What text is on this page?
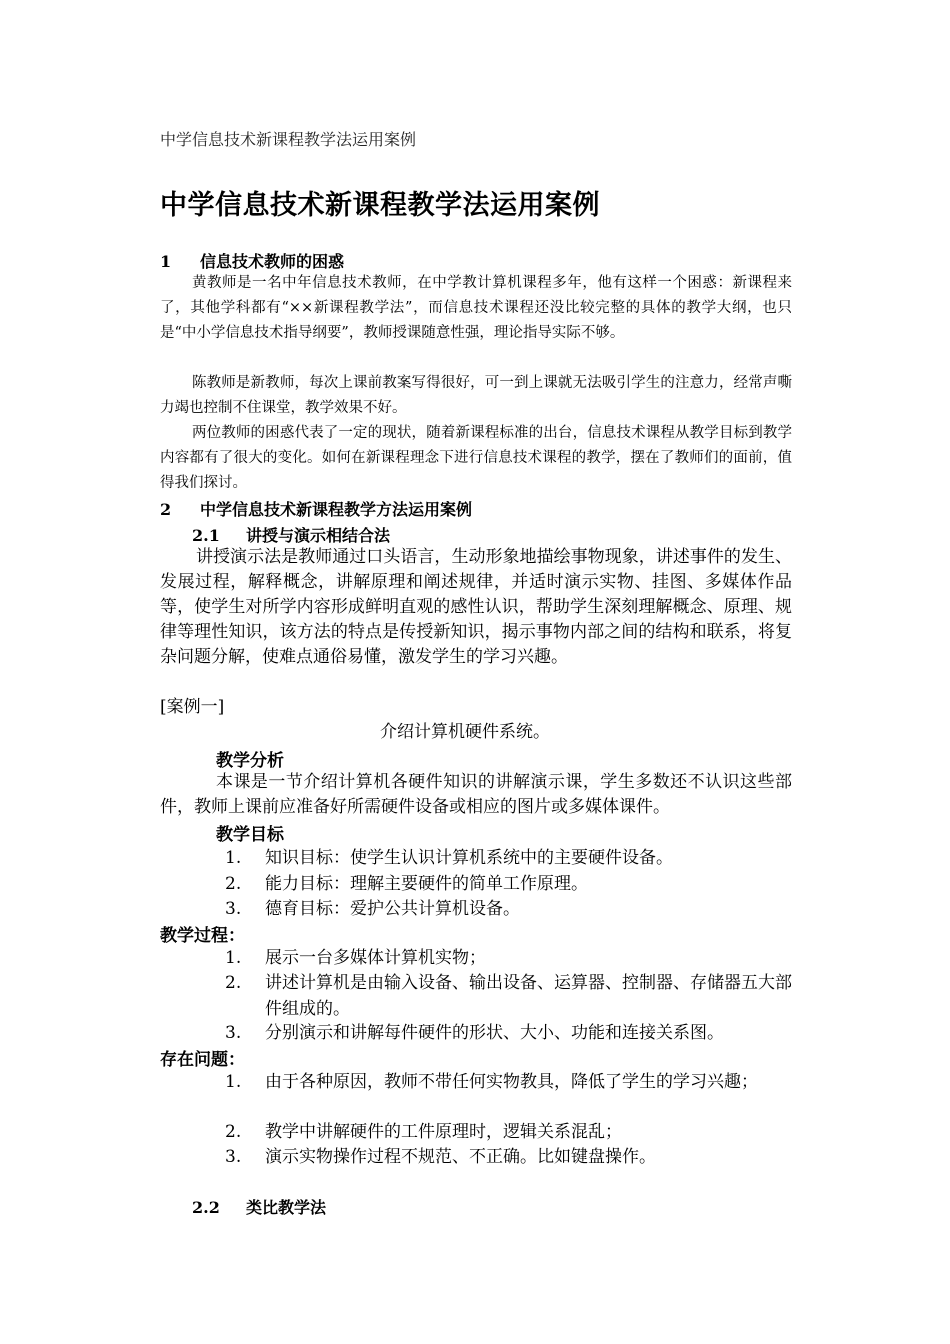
中学信息技术新课程教学法运用案例
中学信息技术新课程教学法运用案例
1 信息技术教师的困惑
黄教师是一名中年信息技术教师，在中学教计算机课程多年，他有这样一个困惑：新课程来了，其他学科都有“××新课程教学法”，而信息技术课程还没比较完整的具体的教学大纲，也只是“中小学信息技术指导纲要”，教师授课随意性强，理论指导实际不够。
陈教师是新教师，每次上课前教案写得很好，可一到上课就无法吸引学生的注意力，经常声嘶力竭也控制不住课堂，教学效果不好。
两位教师的困惑代表了一定的现状，随着新课程标准的出台，信息技术课程从教学目标到教学内容都有了很大的变化。如何在新课程理念下进行信息技术课程的教学，摆在了教师们的面前，值得我们探讨。
2 中学信息技术新课程教学方法运用案例
2.1 讲授与演示相结合法
讲授演示法是教师通过口头语言，生动形象地描绘事物现象，讲述事件的发生、发展过程，解释概念，讲解原理和阐述规律，并适时演示实物、挂图、多媒体作品等，使学生对所学内容形成鲜明直观的感性认识，帮助学生深刻理解概念、原理、规律等理性知识，该方法的特点是传授新知识，揭示事物内部之间的结构和联系，将复杂问题分解，使难点通俗易懂，激发学生的学习兴趣。
[案例一]
介绍计算机硬件系统。
教学分析
本课是一节介绍计算机各硬件知识的讲解演示课，学生多数还不认识这些部件，教师上课前应准备好所需硬件设备或相应的图片或多媒体课件。
教学目标
1. 知识目标：使学生认识计算机系统中的主要硬件设备。
2. 能力目标：理解主要硬件的简单工作原理。
3. 德育目标：爱护公共计算机设备。
教学过程：
1. 展示一台多媒体计算机实物；
2.	讲述计算机是由输入设备、输出设备、运算器、控制器、存储器五大部件组成的。
3. 分别演示和讲解每件硬件的形状、大小、功能和连接关系图。
存在问题：
1.	由于各种原因，教师不带任何实物教具，降低了学生的学习兴趣；
2. 教学中讲解硬件的工件原理时，逻辑关系混乱；
3. 演示实物操作过程不规范、不正确。比如键盘操作。
2.2 类比教学法
